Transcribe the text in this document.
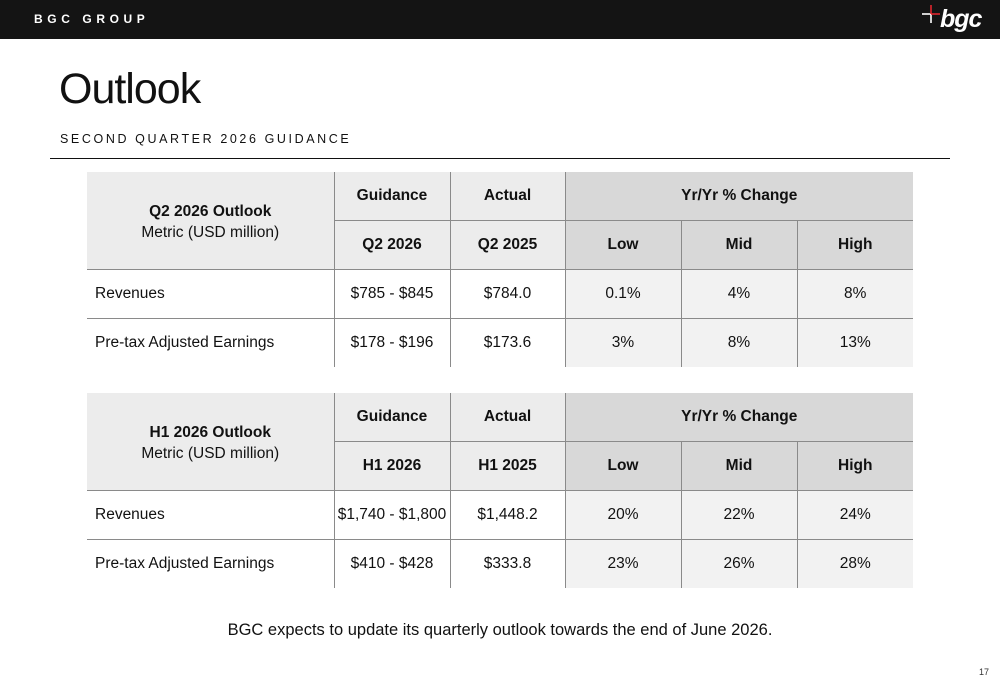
BGC GROUP	bgc
Outlook
SECOND QUARTER 2026 GUIDANCE
Q2 2026 Outlook
Metric (USD million)	Guidance	Actual	Yr/Yr % Change		
	Q2 2026	Q2 2025	Low	Mid	High
Revenues	$785 - $845	$784.0	0.1%	4%	8%
Pre-tax Adjusted Earnings	$178 - $196	$173.6	3%	8%	13%
H1 2026 Outlook
Metric (USD million)	Guidance	Actual	Yr/Yr % Change		
	H1 2026	H1 2025	Low	Mid	High
Revenues	$1,740 - $1,800	$1,448.2	20%	22%	24%
Pre-tax Adjusted Earnings	$410 - $428	$333.8	23%	26%	28%
BGC expects to update its quarterly outlook towards the end of June 2026.
17
